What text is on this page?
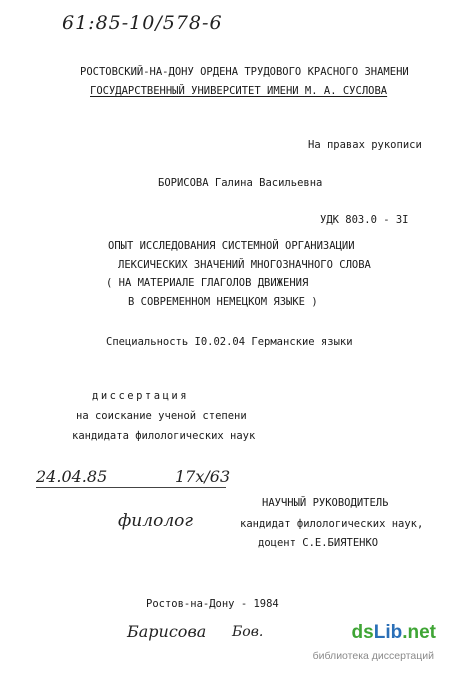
61:85-10/578-6
РОСТОВСКИЙ-НА-ДОНУ ОРДЕНА ТРУДОВОГО КРАСНОГО ЗНАМЕНИ
ГОСУДАРСТВЕННЫЙ УНИВЕРСИТЕТ ИМЕНИ М. А. СУСЛОВА
На правах рукописи
БОРИСОВА Галина Васильевна
УДК 803.0 - 3I
ОПЫТ ИССЛЕДОВАНИЯ СИСТЕМНОЙ ОРГАНИЗАЦИИ
ЛЕКСИЧЕСКИХ ЗНАЧЕНИЙ МНОГОЗНАЧНОГО СЛОВА
( НА МАТЕРИАЛЕ ГЛАГОЛОВ ДВИЖЕНИЯ
В СОВРЕМЕННОМ НЕМЕЦКОМ ЯЗЫКЕ )
Специальность I0.02.04 Германские языки
диссертация
на соискание ученой степени
кандидата филологических наук
24.04.85	17x/63
филолог
НАУЧНЫЙ РУКОВОДИТЕЛЬ
кандидат филологических наук,
доцент С.Е.БИЯТЕНКО
Ростов-на-Дону - 1984
Барисова Бов.	dsLib.net
библиотека диссертаций
